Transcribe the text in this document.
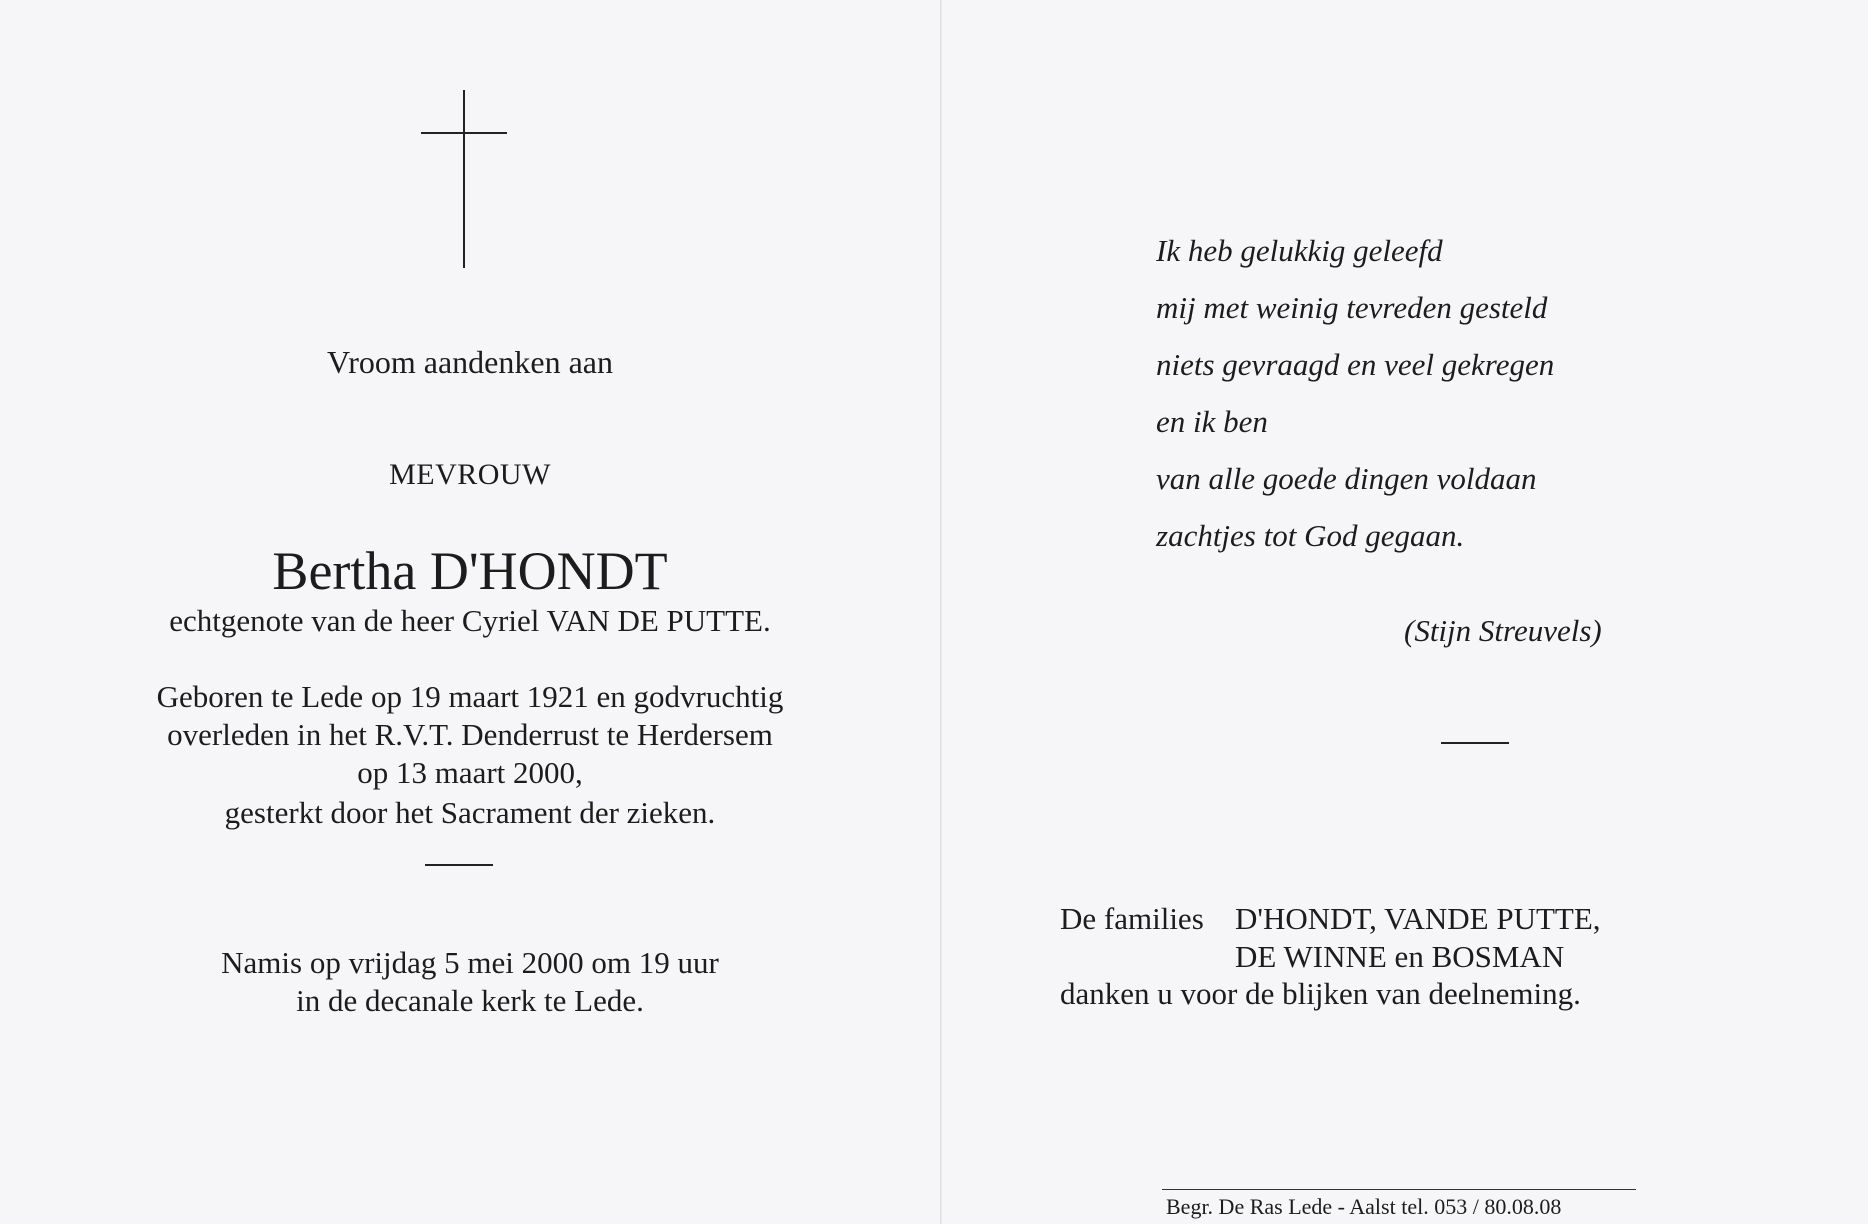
Vroom aandenken aan
MEVROUW
Bertha D'HONDT
echtgenote van de heer Cyriel VAN DE PUTTE.
Geboren te Lede op 19 maart 1921 en godvruchtig
overleden in het R.V.T. Denderrust te Herdersem
op 13 maart 2000,
gesterkt door het Sacrament der zieken.
Namis op vrijdag 5 mei 2000 om 19 uur
in de decanale kerk te Lede.
Ik heb gelukkig geleefd
mij met weinig tevreden gesteld
niets gevraagd en veel gekregen
en ik ben
van alle goede dingen voldaan
zachtjes tot God gegaan.
(Stijn Streuvels)
De families D'HONDT, VANDE PUTTE,
DE WINNE en BOSMAN
danken u voor de blijken van deelneming.
Begr. De Ras Lede - Aalst tel. 053 / 80.08.08
